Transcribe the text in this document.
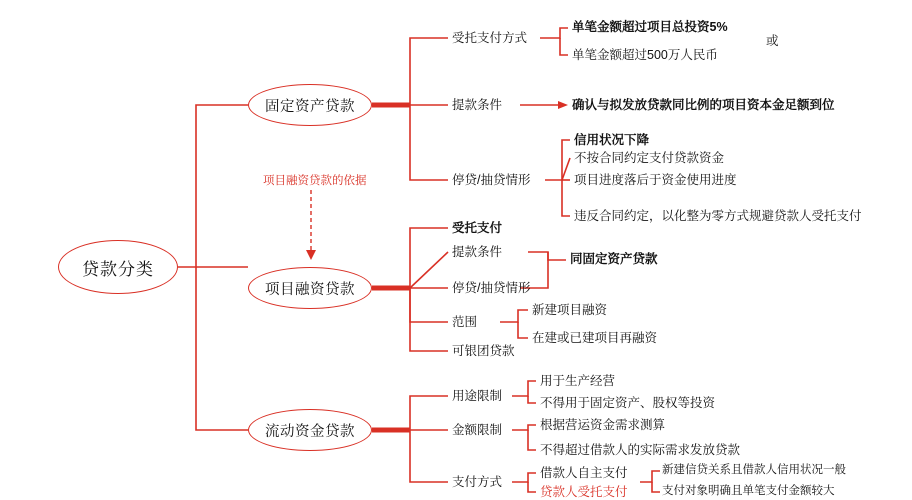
贷款分类
项目融资贷款的依据
固定资产贷款
受托支付方式
提款条件
停贷/抽贷情形
单笔金额超过项目总投资5%
单笔金额超过500万人民币
或
确认与拟发放贷款同比例的项目资本金足额到位
信用状况下降
不按合同约定支付贷款资金
项目进度落后于资金使用进度
违反合同约定，以化整为零方式规避贷款人受托支付
项目融资贷款
受托支付
提款条件
停贷/抽贷情形
范围
可银团贷款
同固定资产贷款
新建项目融资
在建或已建项目再融资
流动资金贷款
用途限制
金额限制
支付方式
用于生产经营
不得用于固定资产、股权等投资
根据营运资金需求测算
不得超过借款人的实际需求发放贷款
借款人自主支付
贷款人受托支付
新建信贷关系且借款人信用状况一般
支付对象明确且单笔支付金额较大
